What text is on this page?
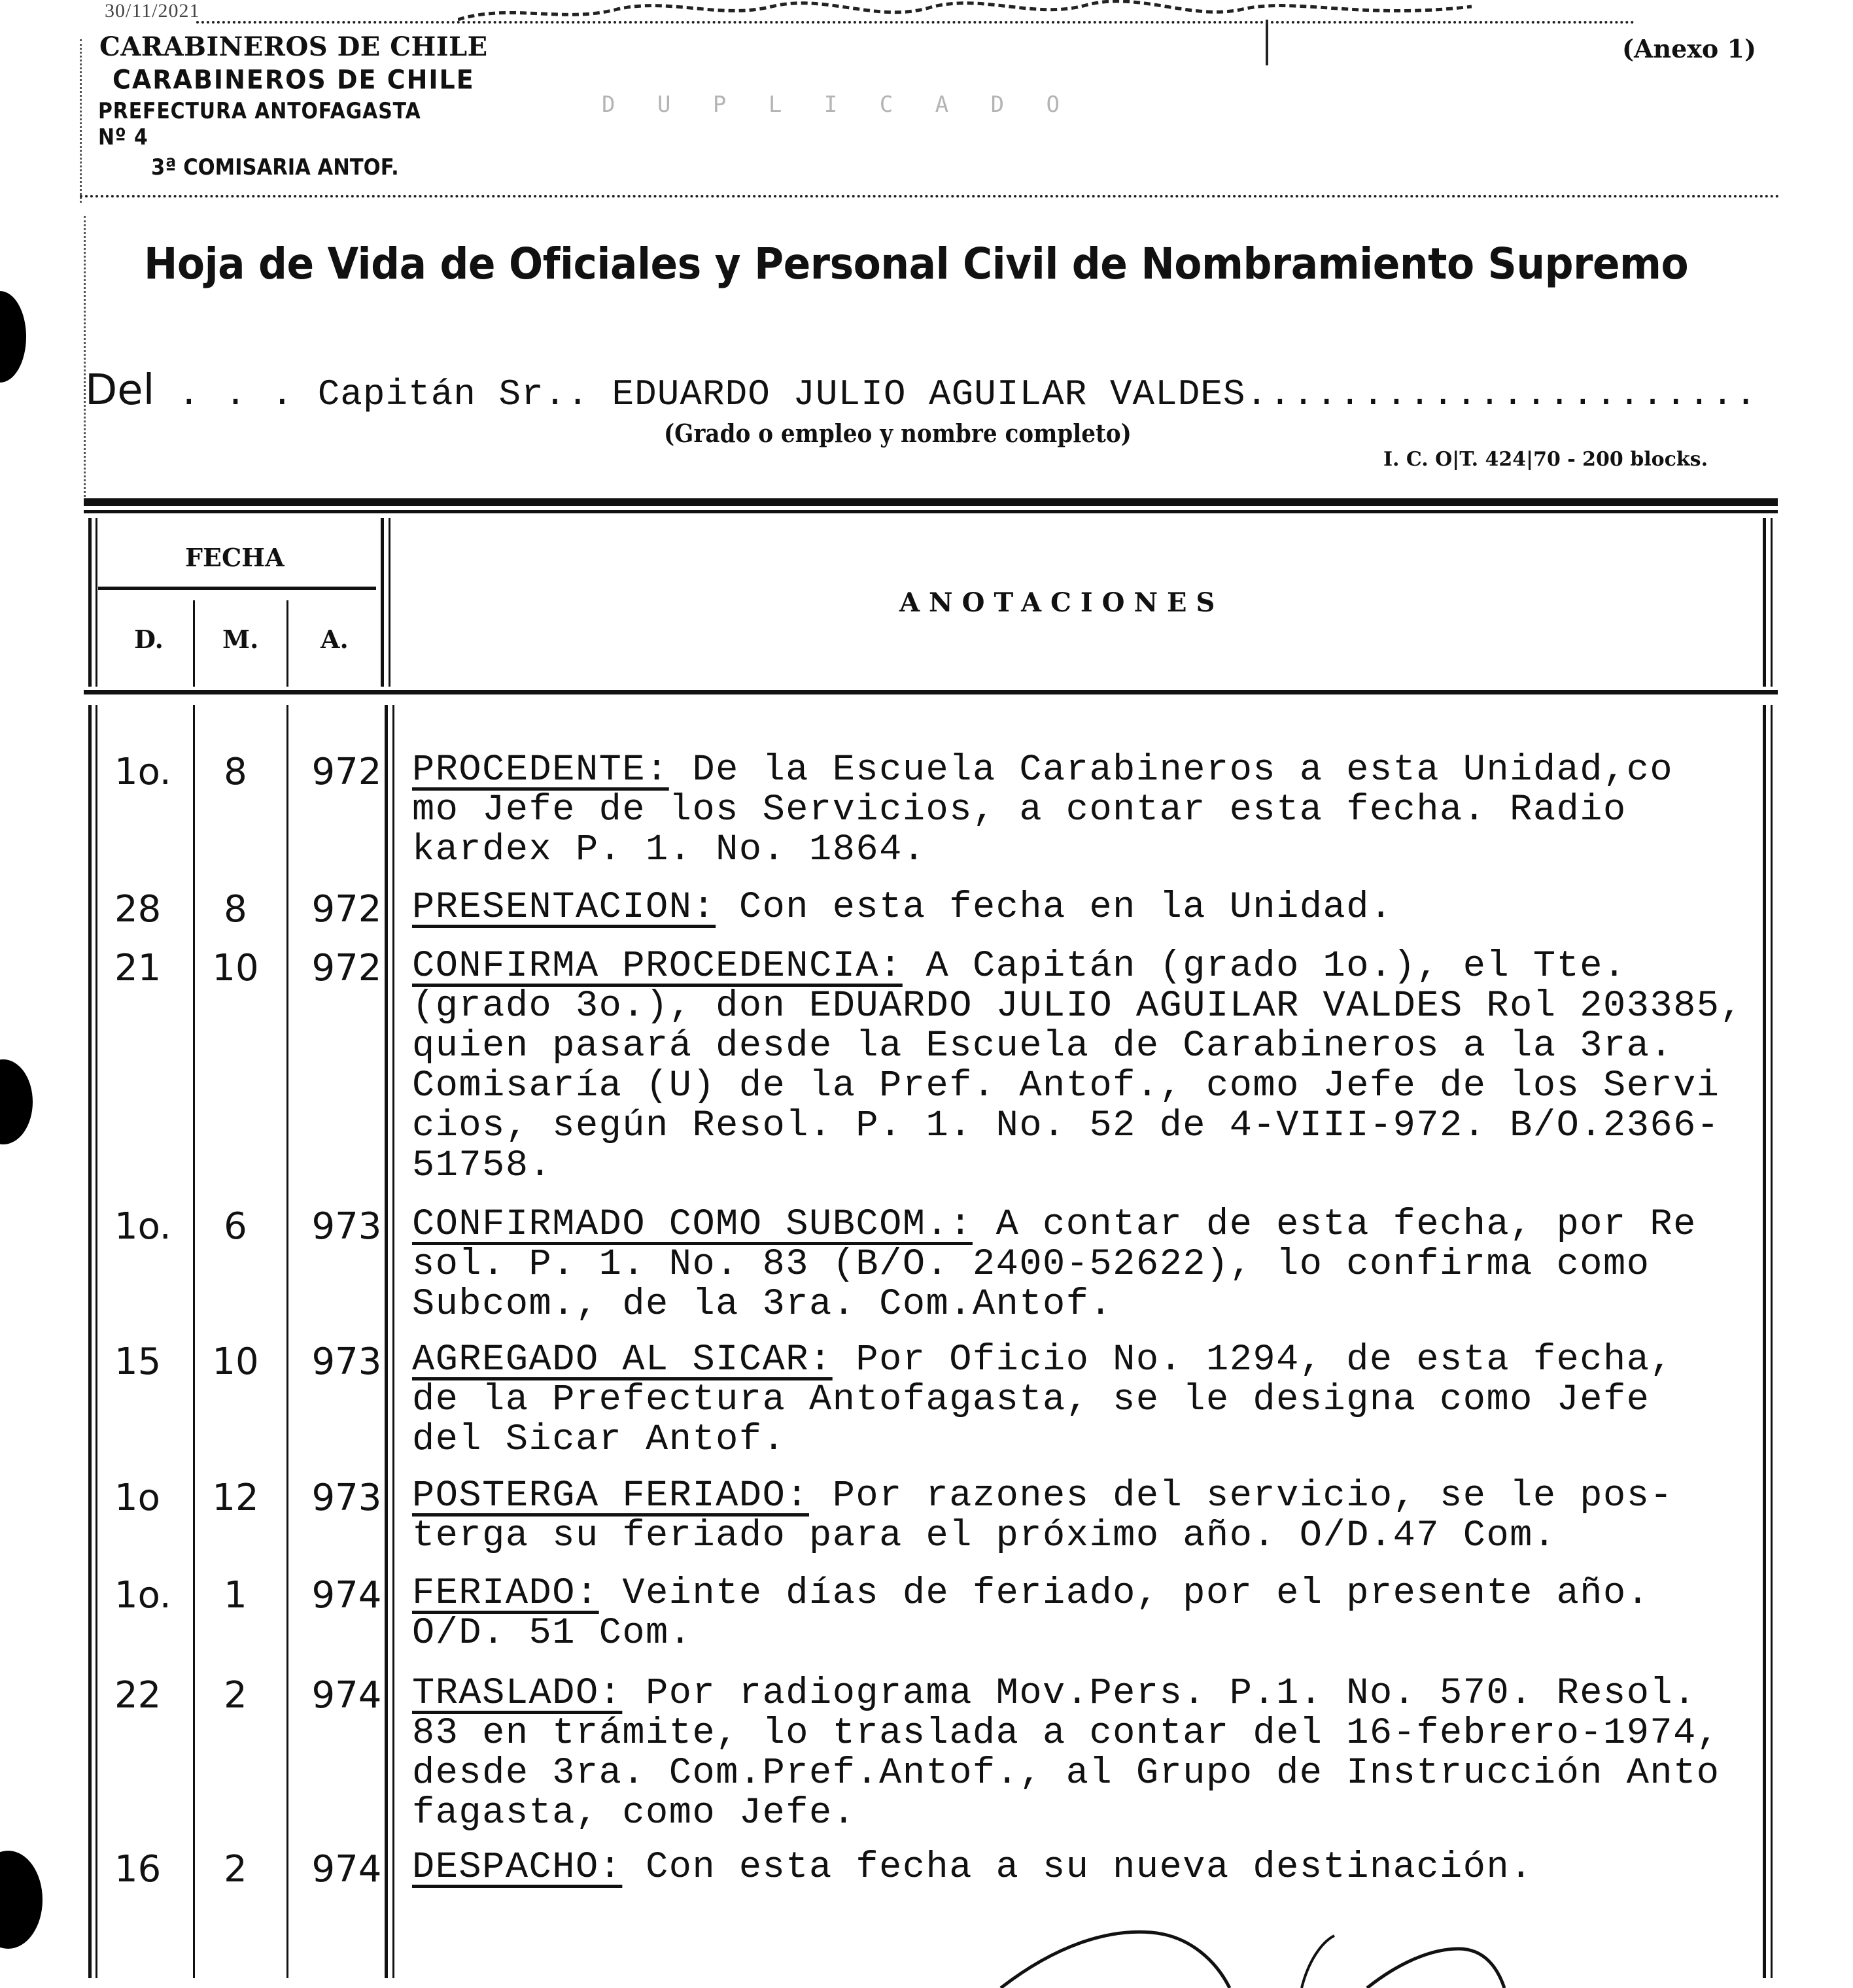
30/11/2021
CARABINEROS DE CHILE	(Anexo 1)
CARABINEROS DE CHILE
PREFECTURA ANTOFAGASTA Nº 4
3ª COMISARIA ANTOF.
D U P L I C A D O
Hoja de Vida de Oficiales y Personal Civil de Nombramiento Supremo
Del . . . Capitán Sr.. EDUARDO JULIO AGUILAR VALDES......................
(Grado o empleo y nombre completo)
I. C. O|T. 424|70 - 200 blocks.
FECHA
D. M. A.
ANOTACIONES
1o.	8	972 PROCEDENTE: De la Escuela Carabineros a esta Unidad,co
mo Jefe de los Servicios, a contar esta fecha. Radio
kardex P. 1. No. 1864.
28	8	972 PRESENTACION: Con esta fecha en la Unidad.
21	10	972 CONFIRMA PROCEDENCIA: A Capitán (grado 1o.), el Tte.
(grado 3o.), don EDUARDO JULIO AGUILAR VALDES Rol 203385,
quien pasará desde la Escuela de Carabineros a la 3ra.
Comisaría (U) de la Pref. Antof., como Jefe de los Servi
cios, según Resol. P. 1. No. 52 de 4-VIII-972. B/O.2366-
51758.
1o.	6	973 CONFIRMADO COMO SUBCOM.: A contar de esta fecha, por Re
sol. P. 1. No. 83 (B/O. 2400-52622), lo confirma como
Subcom., de la 3ra. Com.Antof.
15	10	973 AGREGADO AL SICAR: Por Oficio No. 1294, de esta fecha,
de la Prefectura Antofagasta, se le designa como Jefe
del Sicar Antof.
1o	12	973 POSTERGA FERIADO: Por razones del servicio, se le pos-
terga su feriado para el próximo año. O/D.47 Com.
1o.	1	974 FERIADO: Veinte días de feriado, por el presente año.
O/D. 51 Com.
22	2	974 TRASLADO: Por radiograma Mov.Pers. P.1. No. 570. Resol.
83 en trámite, lo traslada a contar del 16-febrero-1974,
desde 3ra. Com.Pref.Antof., al Grupo de Instrucción Anto
fagasta, como Jefe.
16	2	974 DESPACHO: Con esta fecha a su nueva destinación.
